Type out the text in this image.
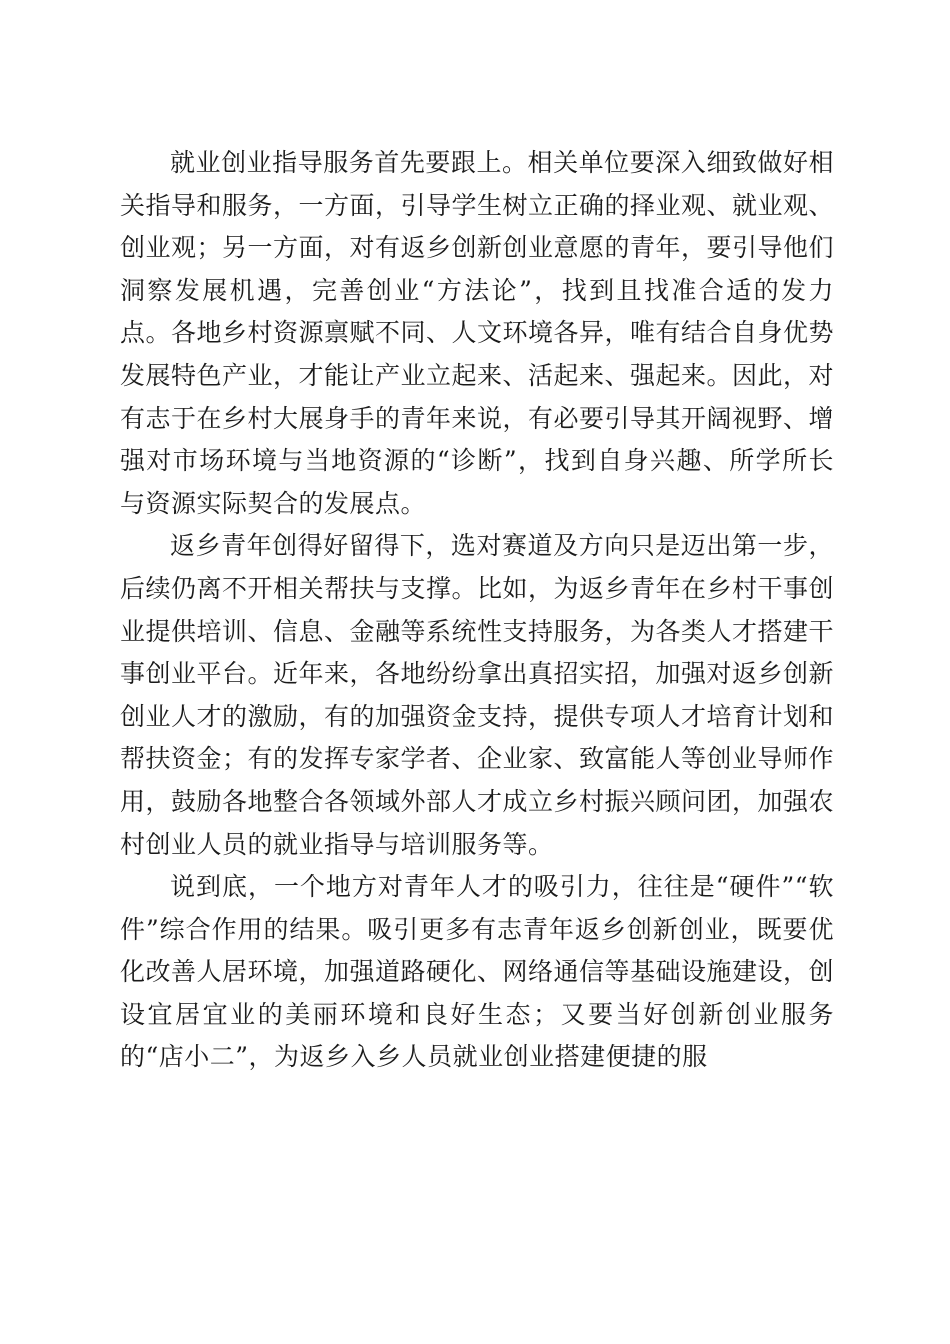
就业创业指导服务首先要跟上。相关单位要深入细致做好相关指导和服务，一方面，引导学生树立正确的择业观、就业观、创业观；另一方面，对有返乡创新创业意愿的青年，要引导他们洞察发展机遇，完善创业“方法论”，找到且找准合适的发力点。各地乡村资源禀赋不同、人文环境各异，唯有结合自身优势发展特色产业，才能让产业立起来、活起来、强起来。因此，对有志于在乡村大展身手的青年来说，有必要引导其开阔视野、增强对市场环境与当地资源的“诊断”，找到自身兴趣、所学所长与资源实际契合的发展点。

返乡青年创得好留得下，选对赛道及方向只是迈出第一步，后续仍离不开相关帮扶与支撑。比如，为返乡青年在乡村干事创业提供培训、信息、金融等系统性支持服务，为各类人才搭建干事创业平台。近年来，各地纷纷拿出真招实招，加强对返乡创新创业人才的激励，有的加强资金支持，提供专项人才培育计划和帮扶资金；有的发挥专家学者、企业家、致富能人等创业导师作用，鼓励各地整合各领域外部人才成立乡村振兴顾问团，加强农村创业人员的就业指导与培训服务等。

说到底，一个地方对青年人才的吸引力，往往是“硬件”“软件”综合作用的结果。吸引更多有志青年返乡创新创业，既要优化改善人居环境，加强道路硬化、网络通信等基础设施建设，创设宜居宜业的美丽环境和良好生态；又要当好创新创业服务的“店小二”，为返乡入乡人员就业创业搭建便捷的服
